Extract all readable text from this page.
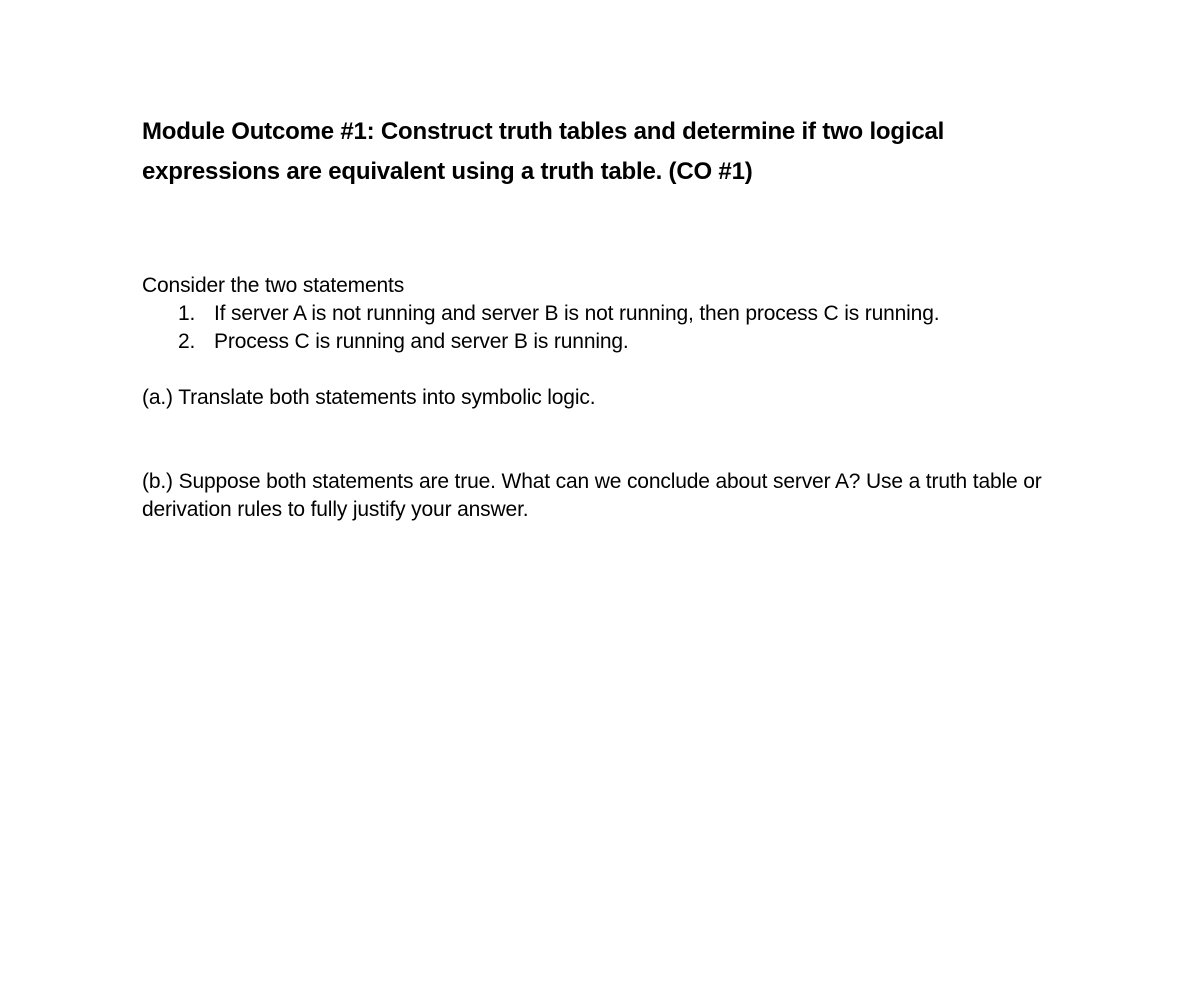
Module Outcome #1: Construct truth tables and determine if two logical expressions are equivalent using a truth table. (CO #1)
Consider the two statements
1. If server A is not running and server B is not running, then process C is running.
2. Process C is running and server B is running.
(a.) Translate both statements into symbolic logic.
(b.) Suppose both statements are true. What can we conclude about server A? Use a truth table or derivation rules to fully justify your answer.
